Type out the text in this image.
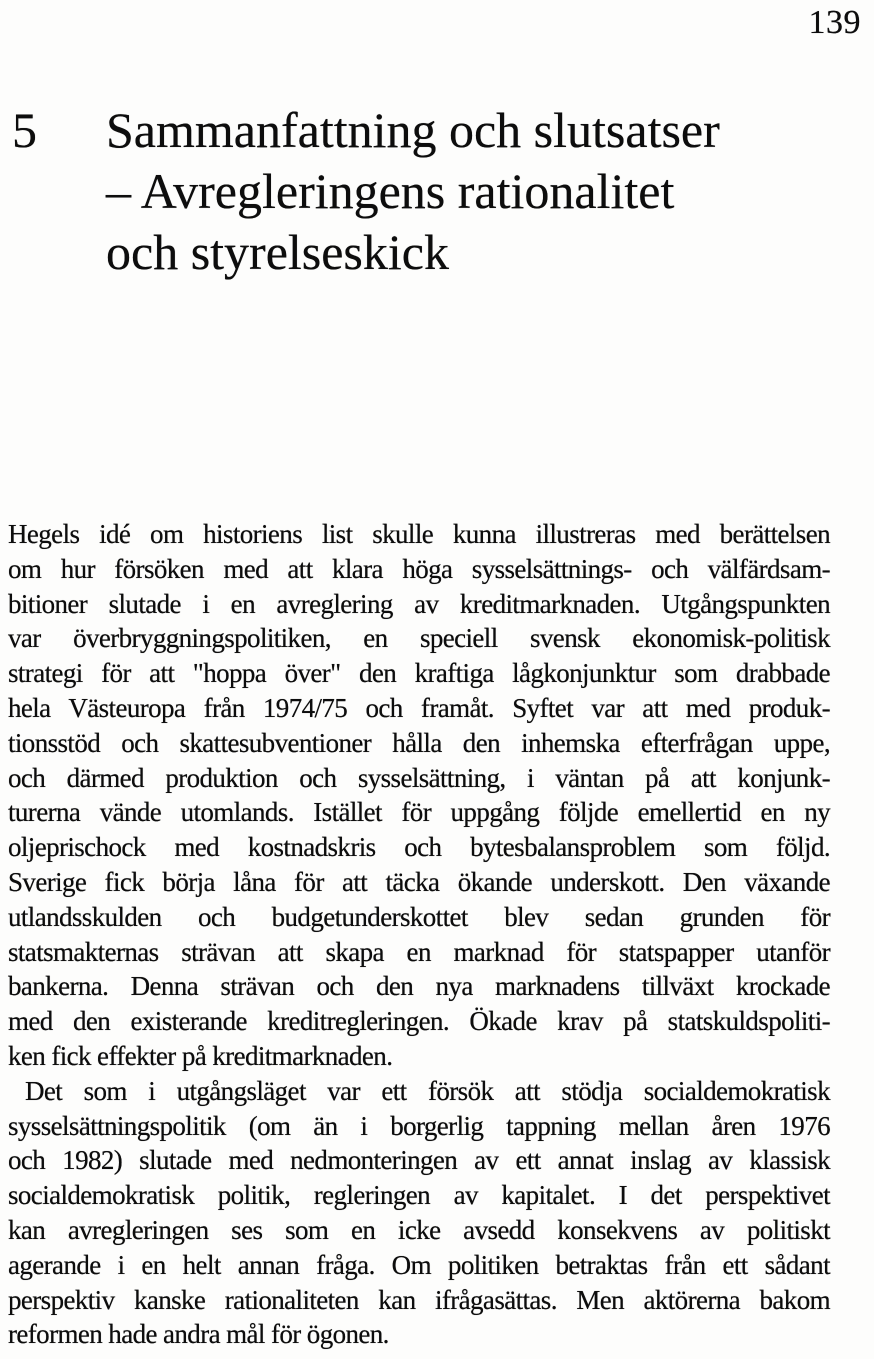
139
5 Sammanfattning och slutsatser
– Avregleringens rationalitet
och styrelseskick
Hegels idé om historiens list skulle kunna illustreras med berättelsen
om hur försöken med att klara höga sysselsättnings- och välfärdsam-
bitioner slutade i en avreglering av kreditmarknaden. Utgångspunkten
var överbryggningspolitiken, en speciell svensk ekonomisk-politisk
strategi för att "hoppa över" den kraftiga lågkonjunktur som drabbade
hela Västeuropa från 1974/75 och framåt. Syftet var att med produk-
tionsstöd och skattesubventioner hålla den inhemska efterfrågan uppe,
och därmed produktion och sysselsättning, i väntan på att konjunk-
turerna vände utomlands. Istället för uppgång följde emellertid en ny
oljeprischock med kostnadskris och bytesbalansproblem som följd.
Sverige fick börja låna för att täcka ökande underskott. Den växande
utlandsskulden och budgetunderskottet blev sedan grunden för
statsmakternas strävan att skapa en marknad för statspapper utanför
bankerna. Denna strävan och den nya marknadens tillväxt krockade
med den existerande kreditregleringen. Ökade krav på statskuldspoliti-
ken fick effekter på kreditmarknaden.
Det som i utgångsläget var ett försök att stödja socialdemokratisk
sysselsättningspolitik (om än i borgerlig tappning mellan åren 1976
och 1982) slutade med nedmonteringen av ett annat inslag av klassisk
socialdemokratisk politik, regleringen av kapitalet. I det perspektivet
kan avregleringen ses som en icke avsedd konsekvens av politiskt
agerande i en helt annan fråga. Om politiken betraktas från ett sådant
perspektiv kanske rationaliteten kan ifrågasättas. Men aktörerna bakom
reformen hade andra mål för ögonen.
